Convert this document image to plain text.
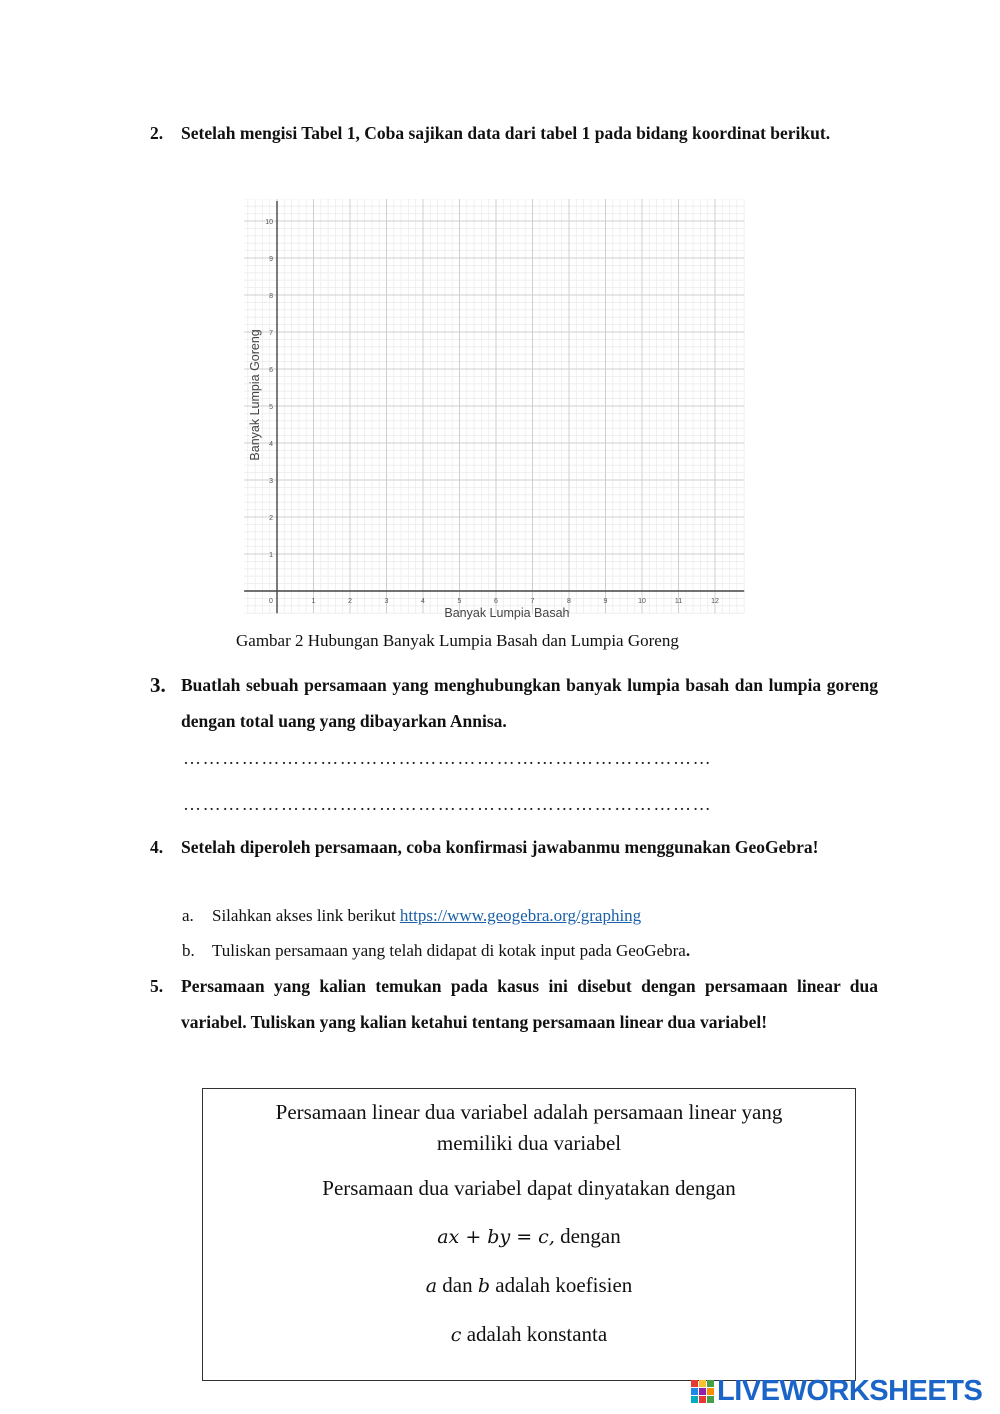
2. Setelah mengisi Tabel 1, Coba sajikan data dari tabel 1 pada bidang koordinat berikut.
0	1	2	3	4	5	6	7	8	9	10	11	12
1
2
3
4
5
6
7
8
9
10
Banyak Lumpia Basah
Banyak Lumpia Goreng
Gambar 2 Hubungan Banyak Lumpia Basah dan Lumpia Goreng
3. Buatlah sebuah persamaan yang menghubungkan banyak lumpia basah dan lumpia goreng dengan total uang yang dibayarkan Annisa.
………………………………………………………………………
………………………………………………………………………
4. Setelah diperoleh persamaan, coba konfirmasi jawabanmu menggunakan GeoGebra!
a. Silahkan akses link berikut https://www.geogebra.org/graphing
b. Tuliskan persamaan yang telah didapat di kotak input pada GeoGebra.
5. Persamaan yang kalian temukan pada kasus ini disebut dengan persamaan linear dua variabel. Tuliskan yang kalian ketahui tentang persamaan linear dua variabel!

Persamaan linear dua variabel adalah persamaan linear yang memiliki dua variabel

Persamaan dua variabel dapat dinyatakan dengan

ax + by = c, dengan

a dan b adalah koefisien

c adalah konstanta

LIVEWORKSHEETS
